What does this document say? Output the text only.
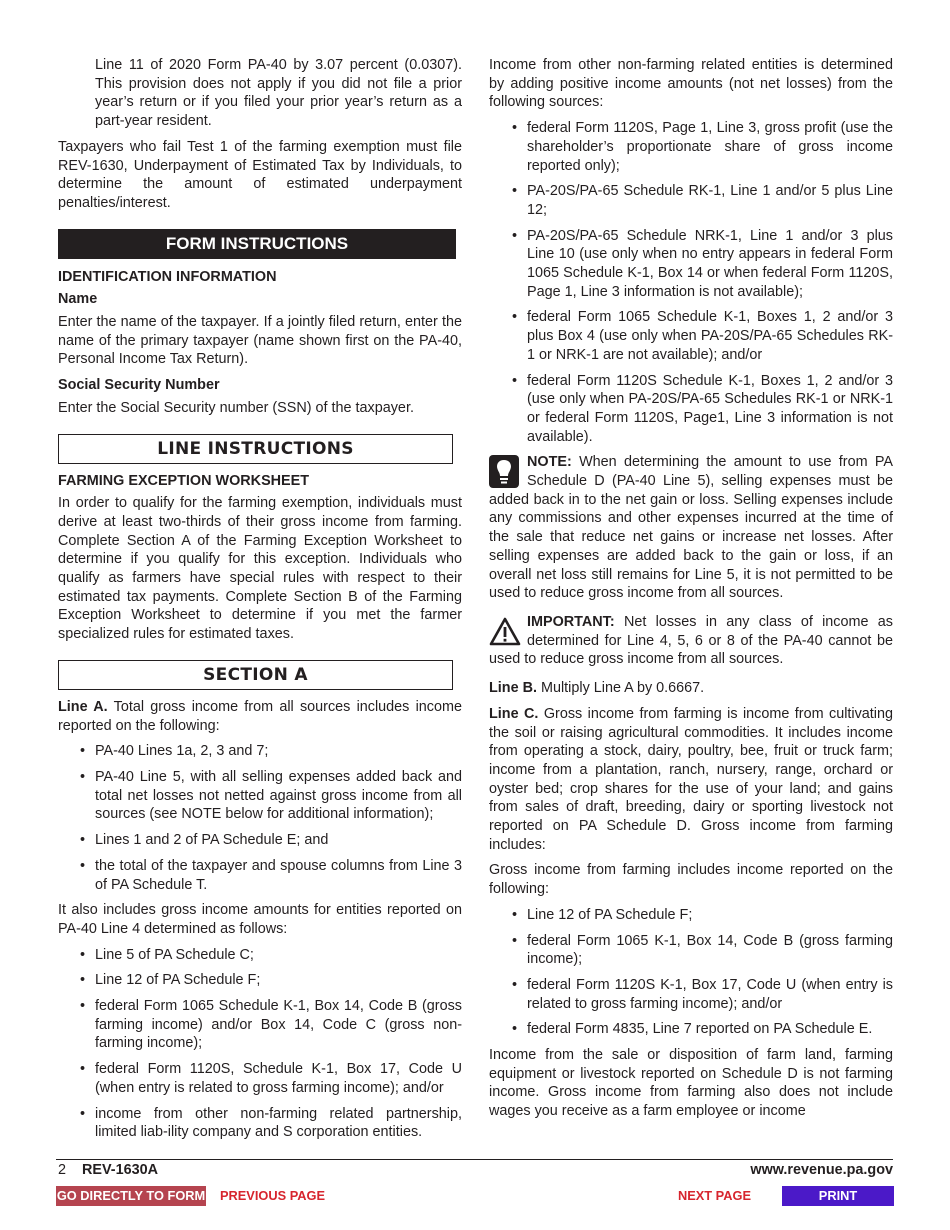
Line 11 of 2020 Form PA-40 by 3.07 percent (0.0307). This provision does not apply if you did not file a prior year’s return or if you filed your prior year’s return as a part-year resident.

Taxpayers who fail Test 1 of the farming exemption must file REV-1630, Underpayment of Estimated Tax by Individuals, to determine the amount of estimated underpayment penalties/interest.

FORM INSTRUCTIONS
IDENTIFICATION INFORMATION
Name

Enter the name of the taxpayer. If a jointly filed return, enter the name of the primary taxpayer (name shown first on the PA-40, Personal Income Tax Return).

Social Security Number

Enter the Social Security number (SSN) of the taxpayer.

LINE INSTRUCTIONS
FARMING EXCEPTION WORKSHEET

In order to qualify for the farming exemption, individuals must derive at least two-thirds of their gross income from farming. Complete Section A of the Farming Exception Worksheet to determine if you qualify for this exception. Individuals who qualify as farmers have special rules with respect to their estimated tax payments. Complete Section B of the Farming Exception Worksheet to determine if you met the farmer specialized rules for estimated taxes.

SECTION A

Line A. Total gross income from all sources includes income reported on the following:

• PA-40 Lines 1a, 2, 3 and 7;
• PA-40 Line 5, with all selling expenses added back and total net losses not netted against gross income from all sources (see NOTE below for additional information);
• Lines 1 and 2 of PA Schedule E; and
• the total of the taxpayer and spouse columns from Line 3 of PA Schedule T.

It also includes gross income amounts for entities reported on PA-40 Line 4 determined as follows:

• Line 5 of PA Schedule C;
• Line 12 of PA Schedule F;
• federal Form 1065 Schedule K-1, Box 14, Code B (gross farming income) and/or Box 14, Code C (gross non-farming income);
• federal Form 1120S, Schedule K-1, Box 17, Code U (when entry is related to gross farming income); and/or
• income from other non-farming related partnership, limited liab-ility company and S corporation entities.

Income from other non-farming related entities is determined by adding positive income amounts (not net losses) from the following sources:

• federal Form 1120S, Page 1, Line 3, gross profit (use the shareholder’s proportionate share of gross income reported only);
• PA-20S/PA-65 Schedule RK-1, Line 1 and/or 5 plus Line 12;
• PA-20S/PA-65 Schedule NRK-1, Line 1 and/or 3 plus Line 10 (use only when no entry appears in federal Form 1065 Schedule K-1, Box 14 or when federal Form 1120S, Page 1, Line 3 information is not available);
• federal Form 1065 Schedule K-1, Boxes 1, 2 and/or 3 plus Box 4 (use only when PA-20S/PA-65 Schedules RK-1 or NRK-1 are not available); and/or
• federal Form 1120S Schedule K-1, Boxes 1, 2 and/or 3 (use only when PA-20S/PA-65 Schedules RK-1 or NRK-1 or federal Form 1120S, Page1, Line 3 information is not available).

NOTE: When determining the amount to use from PA Schedule D (PA-40 Line 5), selling expenses must be added back in to the net gain or loss. Selling expenses include any commissions and other expenses incurred at the time of the sale that reduce net gains or increase net losses. After selling expenses are added back to the gain or loss, if an overall net loss still remains for Line 5, it is not permitted to be used to reduce gross income from all sources.

IMPORTANT: Net losses in any class of income as determined for Line 4, 5, 6 or 8 of the PA-40 cannot be used to reduce gross income from all sources.

Line B. Multiply Line A by 0.6667.

Line C. Gross income from farming is income from cultivating the soil or raising agricultural commodities. It includes income from operating a stock, dairy, poultry, bee, fruit or truck farm; income from a plantation, ranch, nursery, range, orchard or oyster bed; crop shares for the use of your land; and gains from sales of draft, breeding, dairy or sporting livestock not reported on PA Schedule D. Gross income from farming includes:

Gross income from farming includes income reported on the following:

• Line 12 of PA Schedule F;
• federal Form 1065 K-1, Box 14, Code B (gross farming income);
• federal Form 1120S K-1, Box 17, Code U (when entry is related to gross farming income); and/or
• federal Form 4835, Line 7 reported on PA Schedule E.

Income from the sale or disposition of farm land, farming equipment or livestock reported on Schedule D is not farming income. Gross income from farming also does not include wages you receive as a farm employee or income

2 REV-1630A	www.revenue.pa.gov
GO DIRECTLY TO FORM PREVIOUS PAGE	NEXT PAGE	PRINT
